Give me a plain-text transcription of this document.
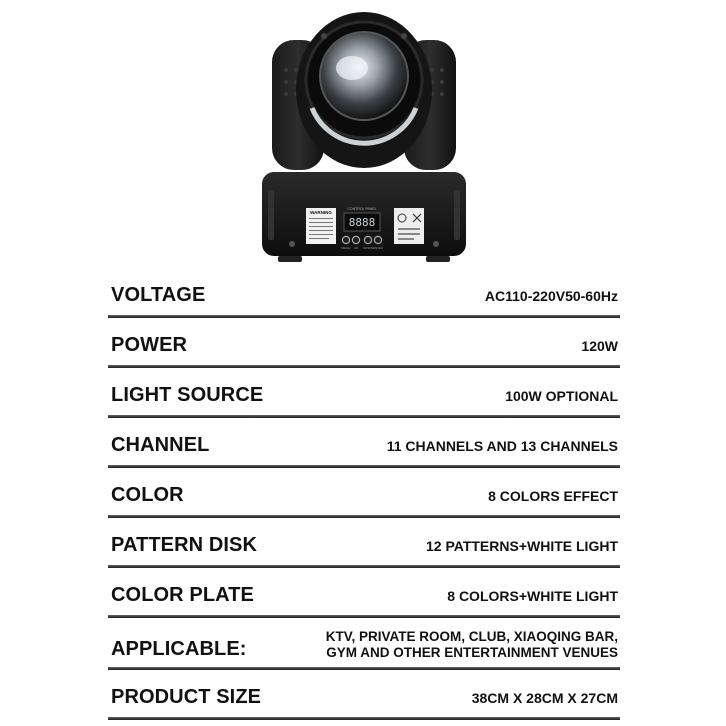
WARNING
CONTROL PANEL
8888
MENU UP DOWN ENTER
VOLTAGE	AC110-220V50-60Hz
POWER	120W
LIGHT SOURCE	100W OPTIONAL
CHANNEL	11 CHANNELS AND 13 CHANNELS
COLOR	8 COLORS EFFECT
PATTERN DISK	12 PATTERNS+WHITE LIGHT
COLOR PLATE	8 COLORS+WHITE LIGHT
APPLICABLE:
KTV, PRIVATE ROOM, CLUB, XIAOQING BAR,
GYM AND OTHER ENTERTAINMENT VENUES
PRODUCT SIZE	38CM X 28CM X 27CM
